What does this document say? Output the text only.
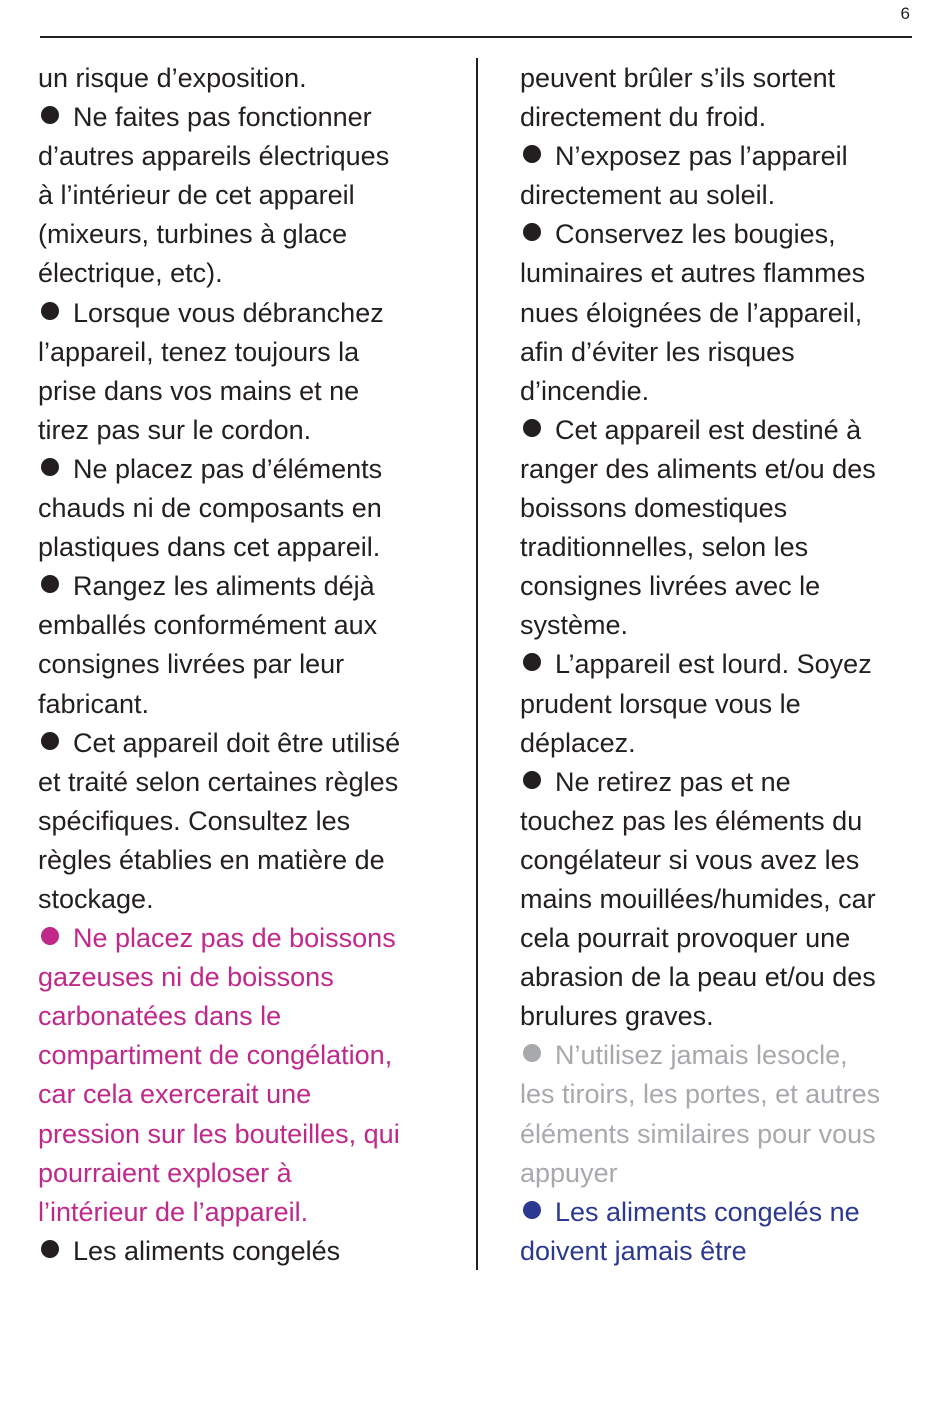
6

un risque d’exposition.

Ne faites pas fonctionner
d’autres appareils électriques
à l’intérieur de cet appareil
(mixeurs, turbines à glace
électrique, etc).

Lorsque vous débranchez
l’appareil, tenez toujours la
prise dans vos mains et ne
tirez pas sur le cordon.

Ne placez pas d’éléments
chauds ni de composants en
plastiques dans cet appareil.

Rangez les aliments déjà
emballés conformément aux
consignes livrées par leur
fabricant.

Cet appareil doit être utilisé
et traité selon certaines règles
spécifiques. Consultez les
règles établies en matière de
stockage.

Ne placez pas de boissons
gazeuses ni de boissons
carbonatées dans le
compartiment de congélation,
car cela exercerait une
pression sur les bouteilles, qui
pourraient exploser à
l’intérieur de l’appareil.

Les aliments congelés

peuvent brûler s’ils sortent
directement du froid.

N’exposez pas l’appareil
directement au soleil.

Conservez les bougies,
luminaires et autres flammes
nues éloignées de l’appareil,
afin d’éviter les risques
d’incendie.

Cet appareil est destiné à
ranger des aliments et/ou des
boissons domestiques
traditionnelles, selon les
consignes livrées avec le
système.

L’appareil est lourd. Soyez
prudent lorsque vous le
déplacez.

Ne retirez pas et ne
touchez pas les éléments du
congélateur si vous avez les
mains mouillées/humides, car
cela pourrait provoquer une
abrasion de la peau et/ou des
brulures graves.

N’utilisez jamais lesocle,
les tiroirs, les portes, et autres
éléments similaires pour vous
appuyer

Les aliments congelés ne
doivent jamais être
